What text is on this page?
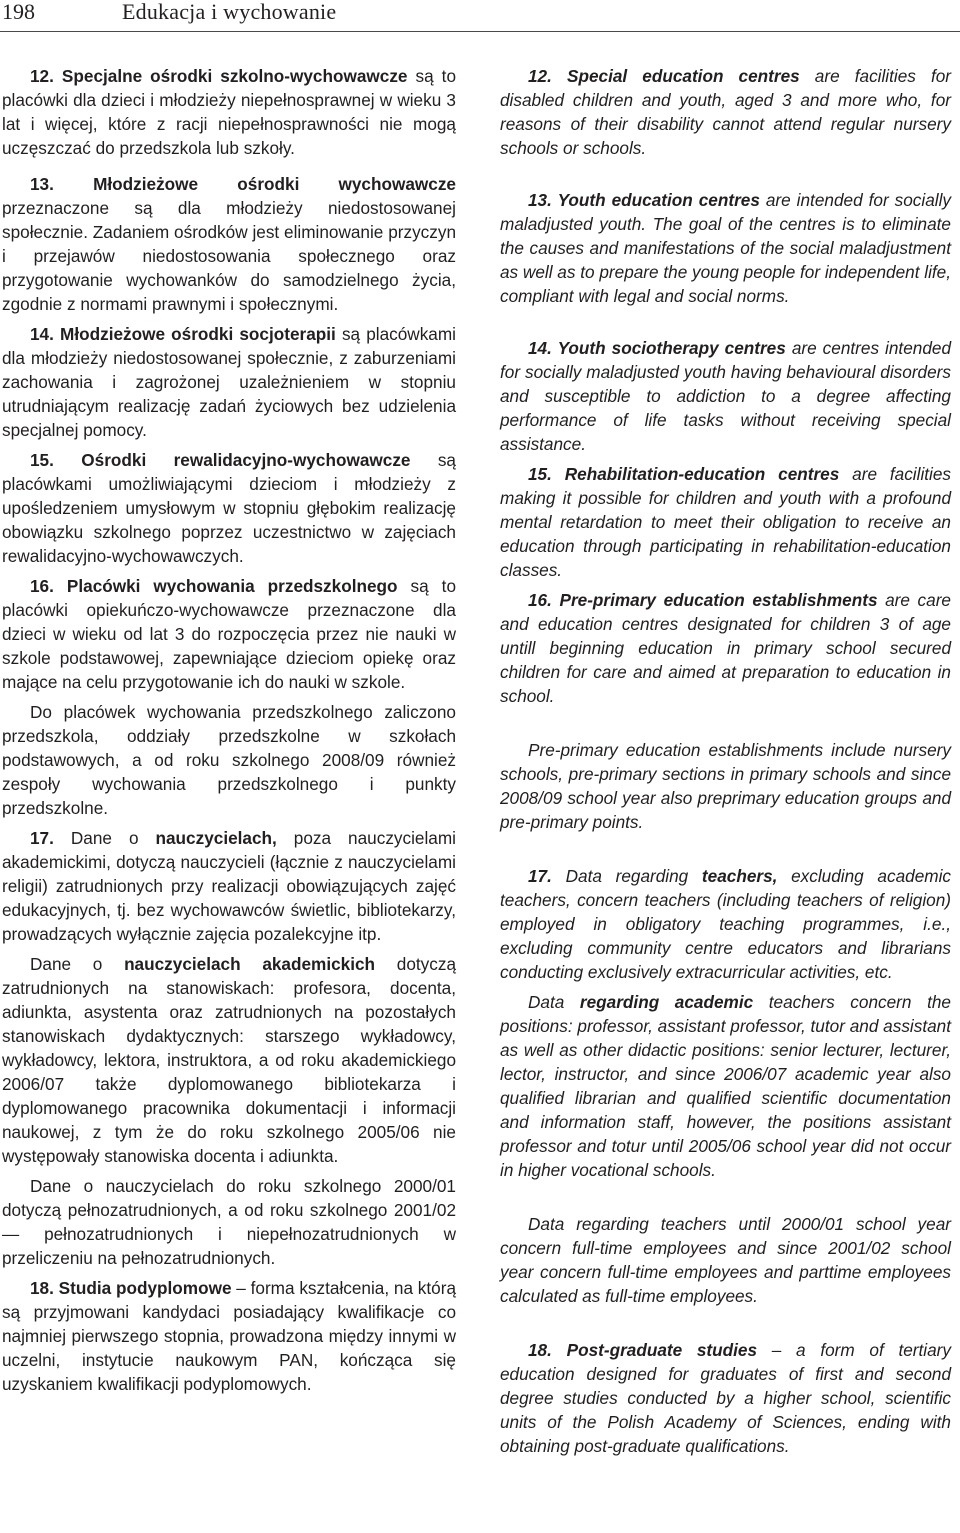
198	Edukacja i wychowanie

12. Specjalne ośrodki szkolno-wychowawcze są to placówki dla dzieci i młodzieży niepełnosprawnej w wieku 3 lat i więcej, które z racji niepełnosprawności nie mogą uczęszczać do przedszkola lub szkoły.

13. Młodzieżowe ośrodki wychowawcze przeznaczone są dla młodzieży niedostosowanej społecznie. Zadaniem ośrodków jest eliminowanie przyczyn i przejawów niedostosowania społecznego oraz przygotowanie wychowanków do samodzielnego życia, zgodnie z normami prawnymi i społecznymi.

14. Młodzieżowe ośrodki socjoterapii są placówkami dla młodzieży niedostosowanej społecznie, z zaburzeniami zachowania i zagrożonej uzależnieniem w stopniu utrudniającym realizację zadań życiowych bez udzielenia specjalnej pomocy.

15. Ośrodki rewalidacyjno-wychowawcze są placówkami umożliwiającymi dzieciom i młodzieży z upośledzeniem umysłowym w stopniu głębokim realizację obowiązku szkolnego poprzez uczestnictwo w zajęciach rewalidacyjno-wychowawczych.

16. Placówki wychowania przedszkolnego są to placówki opiekuńczo-wychowawcze przeznaczone dla dzieci w wieku od lat 3 do rozpoczęcia przez nie nauki w szkole podstawowej, zapewniające dzieciom opiekę oraz mające na celu przygotowanie ich do nauki w szkole.

Do placówek wychowania przedszkolnego zaliczono przedszkola, oddziały przedszkolne w szkołach podstawowych, a od roku szkolnego 2008/09 również zespoły wychowania przedszkolnego i punkty przedszkolne.

17. Dane o nauczycielach, poza nauczycielami akademickimi, dotyczą nauczycieli (łącznie z nauczycielami religii) zatrudnionych przy realizacji obowiązujących zajęć edukacyjnych, tj. bez wychowawców świetlic, bibliotekarzy, prowadzących wyłącznie zajęcia pozalekcyjne itp.

Dane o nauczycielach akademickich dotyczą zatrudnionych na stanowiskach: profesora, docenta, adiunkta, asystenta oraz zatrudnionych na pozostałych stanowiskach dydaktycznych: starszego wykładowcy, wykładowcy, lektora, instruktora, a od roku akademickiego 2006/07 także dyplomowanego bibliotekarza i dyplomowanego pracownika dokumentacji i informacji naukowej, z tym że do roku szkolnego 2005/06 nie występowały stanowiska docenta i adiunkta.

Dane o nauczycielach do roku szkolnego 2000/01 dotyczą pełnozatrudnionych, a od roku szkolnego 2001/02 — pełnozatrudnionych i niepełnozatrudnionych w przeliczeniu na pełnozatrudnionych.

18. Studia podyplomowe – forma kształcenia, na którą są przyjmowani kandydaci posiadający kwalifikacje co najmniej pierwszego stopnia, prowadzona między innymi w uczelni, instytucie naukowym PAN, kończąca się uzyskaniem kwalifikacji podyplomowych.

12. Special education centres are facilities for disabled children and youth, aged 3 and more who, for reasons of their disability cannot attend regular nursery schools or schools.

13. Youth education centres are intended for socially maladjusted youth. The goal of the centres is to eliminate the causes and manifestations of the social maladjustment as well as to prepare the young people for independent life, compliant with legal and social norms.

14. Youth sociotherapy centres are centres intended for socially maladjusted youth having behavioural disorders and susceptible to addiction to a degree affecting performance of life tasks without receiving special assistance.

15. Rehabilitation-education centres are facilities making it possible for children and youth with a profound mental retardation to meet their obligation to receive an education through participating in rehabilitation-education classes.

16. Pre-primary education establishments are care and education centres designated for children 3 of age untill beginning education in primary school secured children for care and aimed at preparation to education in school.

Pre-primary education establishments include nursery schools, pre-primary sections in primary schools and since 2008/09 school year also preprimary education groups and pre-primary points.

17. Data regarding teachers, excluding academic teachers, concern teachers (including teachers of religion) employed in obligatory teaching programmes, i.e., excluding community centre educators and librarians conducting exclusively extracurricular activities, etc.

Data regarding academic teachers concern the positions: professor, assistant professor, tutor and assistant as well as other didactic positions: senior lecturer, lecturer, lector, instructor, and since 2006/07 academic year also qualified librarian and qualified scientific documentation and information staff, however, the positions assistant professor and totur until 2005/06 school year did not occur in higher vocational schools.

Data regarding teachers until 2000/01 school year concern full-time employees and since 2001/02 school year concern full-time employees and parttime employees calculated as full-time employees.

18. Post-graduate studies – a form of tertiary education designed for graduates of first and second degree studies conducted by a higher school, scientific units of the Polish Academy of Sciences, ending with obtaining post-graduate qualifications.
